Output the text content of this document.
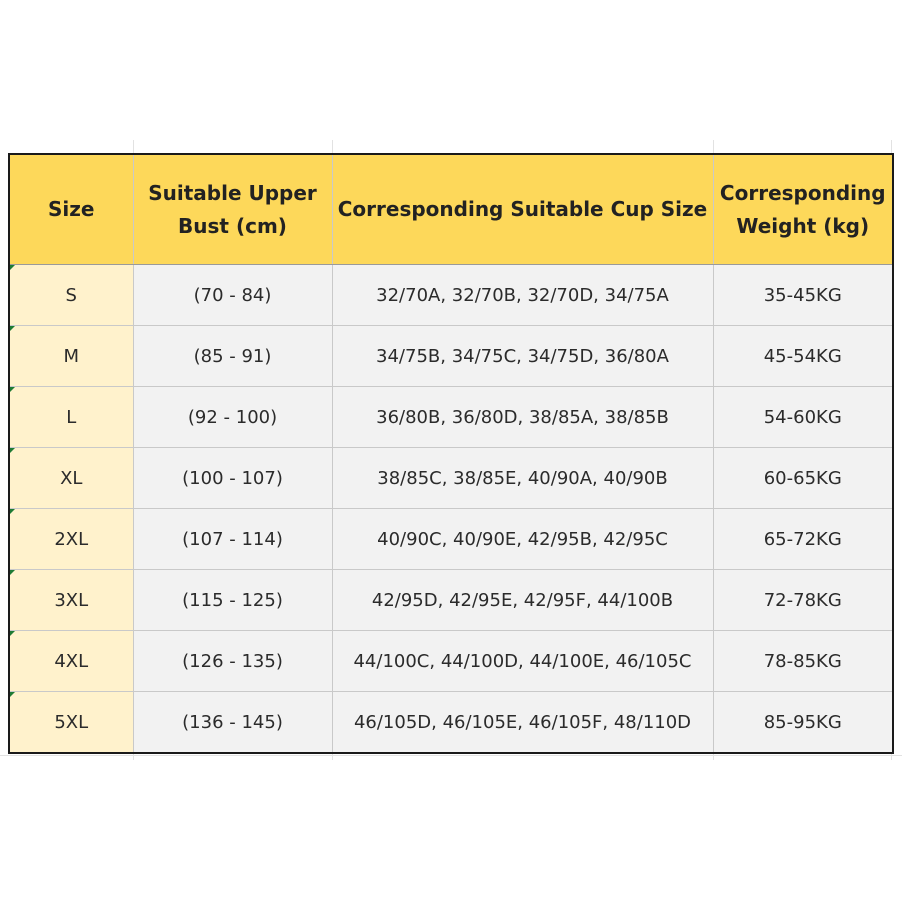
Size	Suitable Upper Bust (cm)	Corresponding Suitable Cup Size	Corresponding Weight (kg)
S	(70 - 84)	32/70A, 32/70B, 32/70D, 34/75A	35-45KG
M	(85 - 91)	34/75B, 34/75C, 34/75D, 36/80A	45-54KG
L	(92 - 100)	36/80B, 36/80D, 38/85A, 38/85B	54-60KG
XL	(100 - 107)	38/85C, 38/85E, 40/90A, 40/90B	60-65KG
2XL	(107 - 114)	40/90C, 40/90E, 42/95B, 42/95C	65-72KG
3XL	(115 - 125)	42/95D, 42/95E, 42/95F, 44/100B	72-78KG
4XL	(126 - 135)	44/100C, 44/100D, 44/100E, 46/105C	78-85KG
5XL	(136 - 145)	46/105D, 46/105E, 46/105F, 48/110D	85-95KG
